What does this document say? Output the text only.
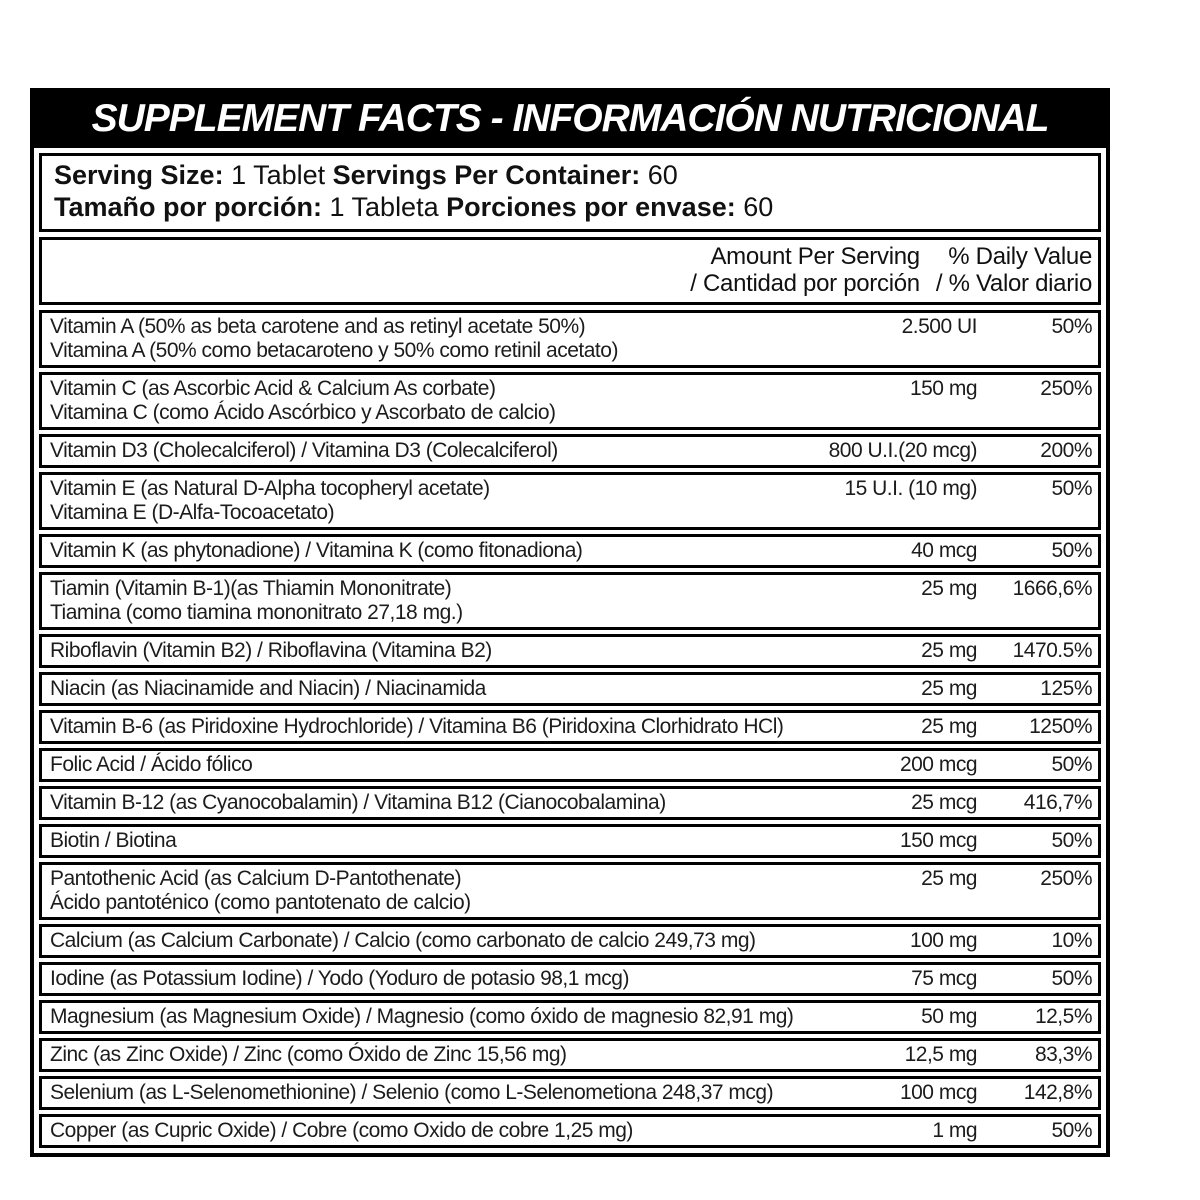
SUPPLEMENT FACTS - INFORMACIÓN NUTRICIONAL
Serving Size: 1 Tablet Servings Per Container: 60
Tamaño por porción: 1 Tableta Porciones por envase: 60
Amount Per Serving
/ Cantidad por porción
% Daily Value
/ % Valor diario
Vitamin A (50% as beta carotene and as retinyl acetate 50%)
Vitamina A (50% como betacaroteno y 50% como retinil acetato)
2.500 UI	50%
Vitamin C (as Ascorbic Acid & Calcium As corbate)
Vitamina C (como Ácido Ascórbico y Ascorbato de calcio)
150 mg	250%
Vitamin D3 (Cholecalciferol) / Vitamina D3 (Colecalciferol)	800 U.I.(20 mcg)	200%
Vitamin E (as Natural D-Alpha tocopheryl acetate)
Vitamina E (D-Alfa-Tocoacetato)
15 U.I. (10 mg)	50%
Vitamin K (as phytonadione) / Vitamina K (como fitonadiona)	40 mcg	50%
Tiamin (Vitamin B-1)(as Thiamin Mononitrate)
Tiamina (como tiamina mononitrato 27,18 mg.)
25 mg	1666,6%
Riboflavin (Vitamin B2) / Riboflavina (Vitamina B2)	25 mg	1470.5%
Niacin (as Niacinamide and Niacin) / Niacinamida	25 mg	125%
Vitamin B-6 (as Piridoxine Hydrochloride) / Vitamina B6 (Piridoxina Clorhidrato HCl)	25 mg	1250%
Folic Acid / Ácido fólico	200 mcg	50%
Vitamin B-12 (as Cyanocobalamin) / Vitamina B12 (Cianocobalamina)	25 mcg	416,7%
Biotin / Biotina	150 mcg	50%
Pantothenic Acid (as Calcium D-Pantothenate)
Ácido pantoténico (como pantotenato de calcio)
25 mg	250%
Calcium (as Calcium Carbonate) / Calcio (como carbonato de calcio 249,73 mg)	100 mg	10%
Iodine (as Potassium Iodine) / Yodo (Yoduro de potasio 98,1 mcg)	75 mcg	50%
Magnesium (as Magnesium Oxide) / Magnesio (como óxido de magnesio 82,91 mg)	50 mg	12,5%
Zinc (as Zinc Oxide) / Zinc (como Óxido de Zinc 15,56 mg)	12,5 mg	83,3%
Selenium (as L-Selenomethionine) / Selenio (como L-Selenometiona 248,37 mcg)	100 mcg	142,8%
Copper (as Cupric Oxide) / Cobre (como Oxido de cobre 1,25 mg)	1 mg	50%
